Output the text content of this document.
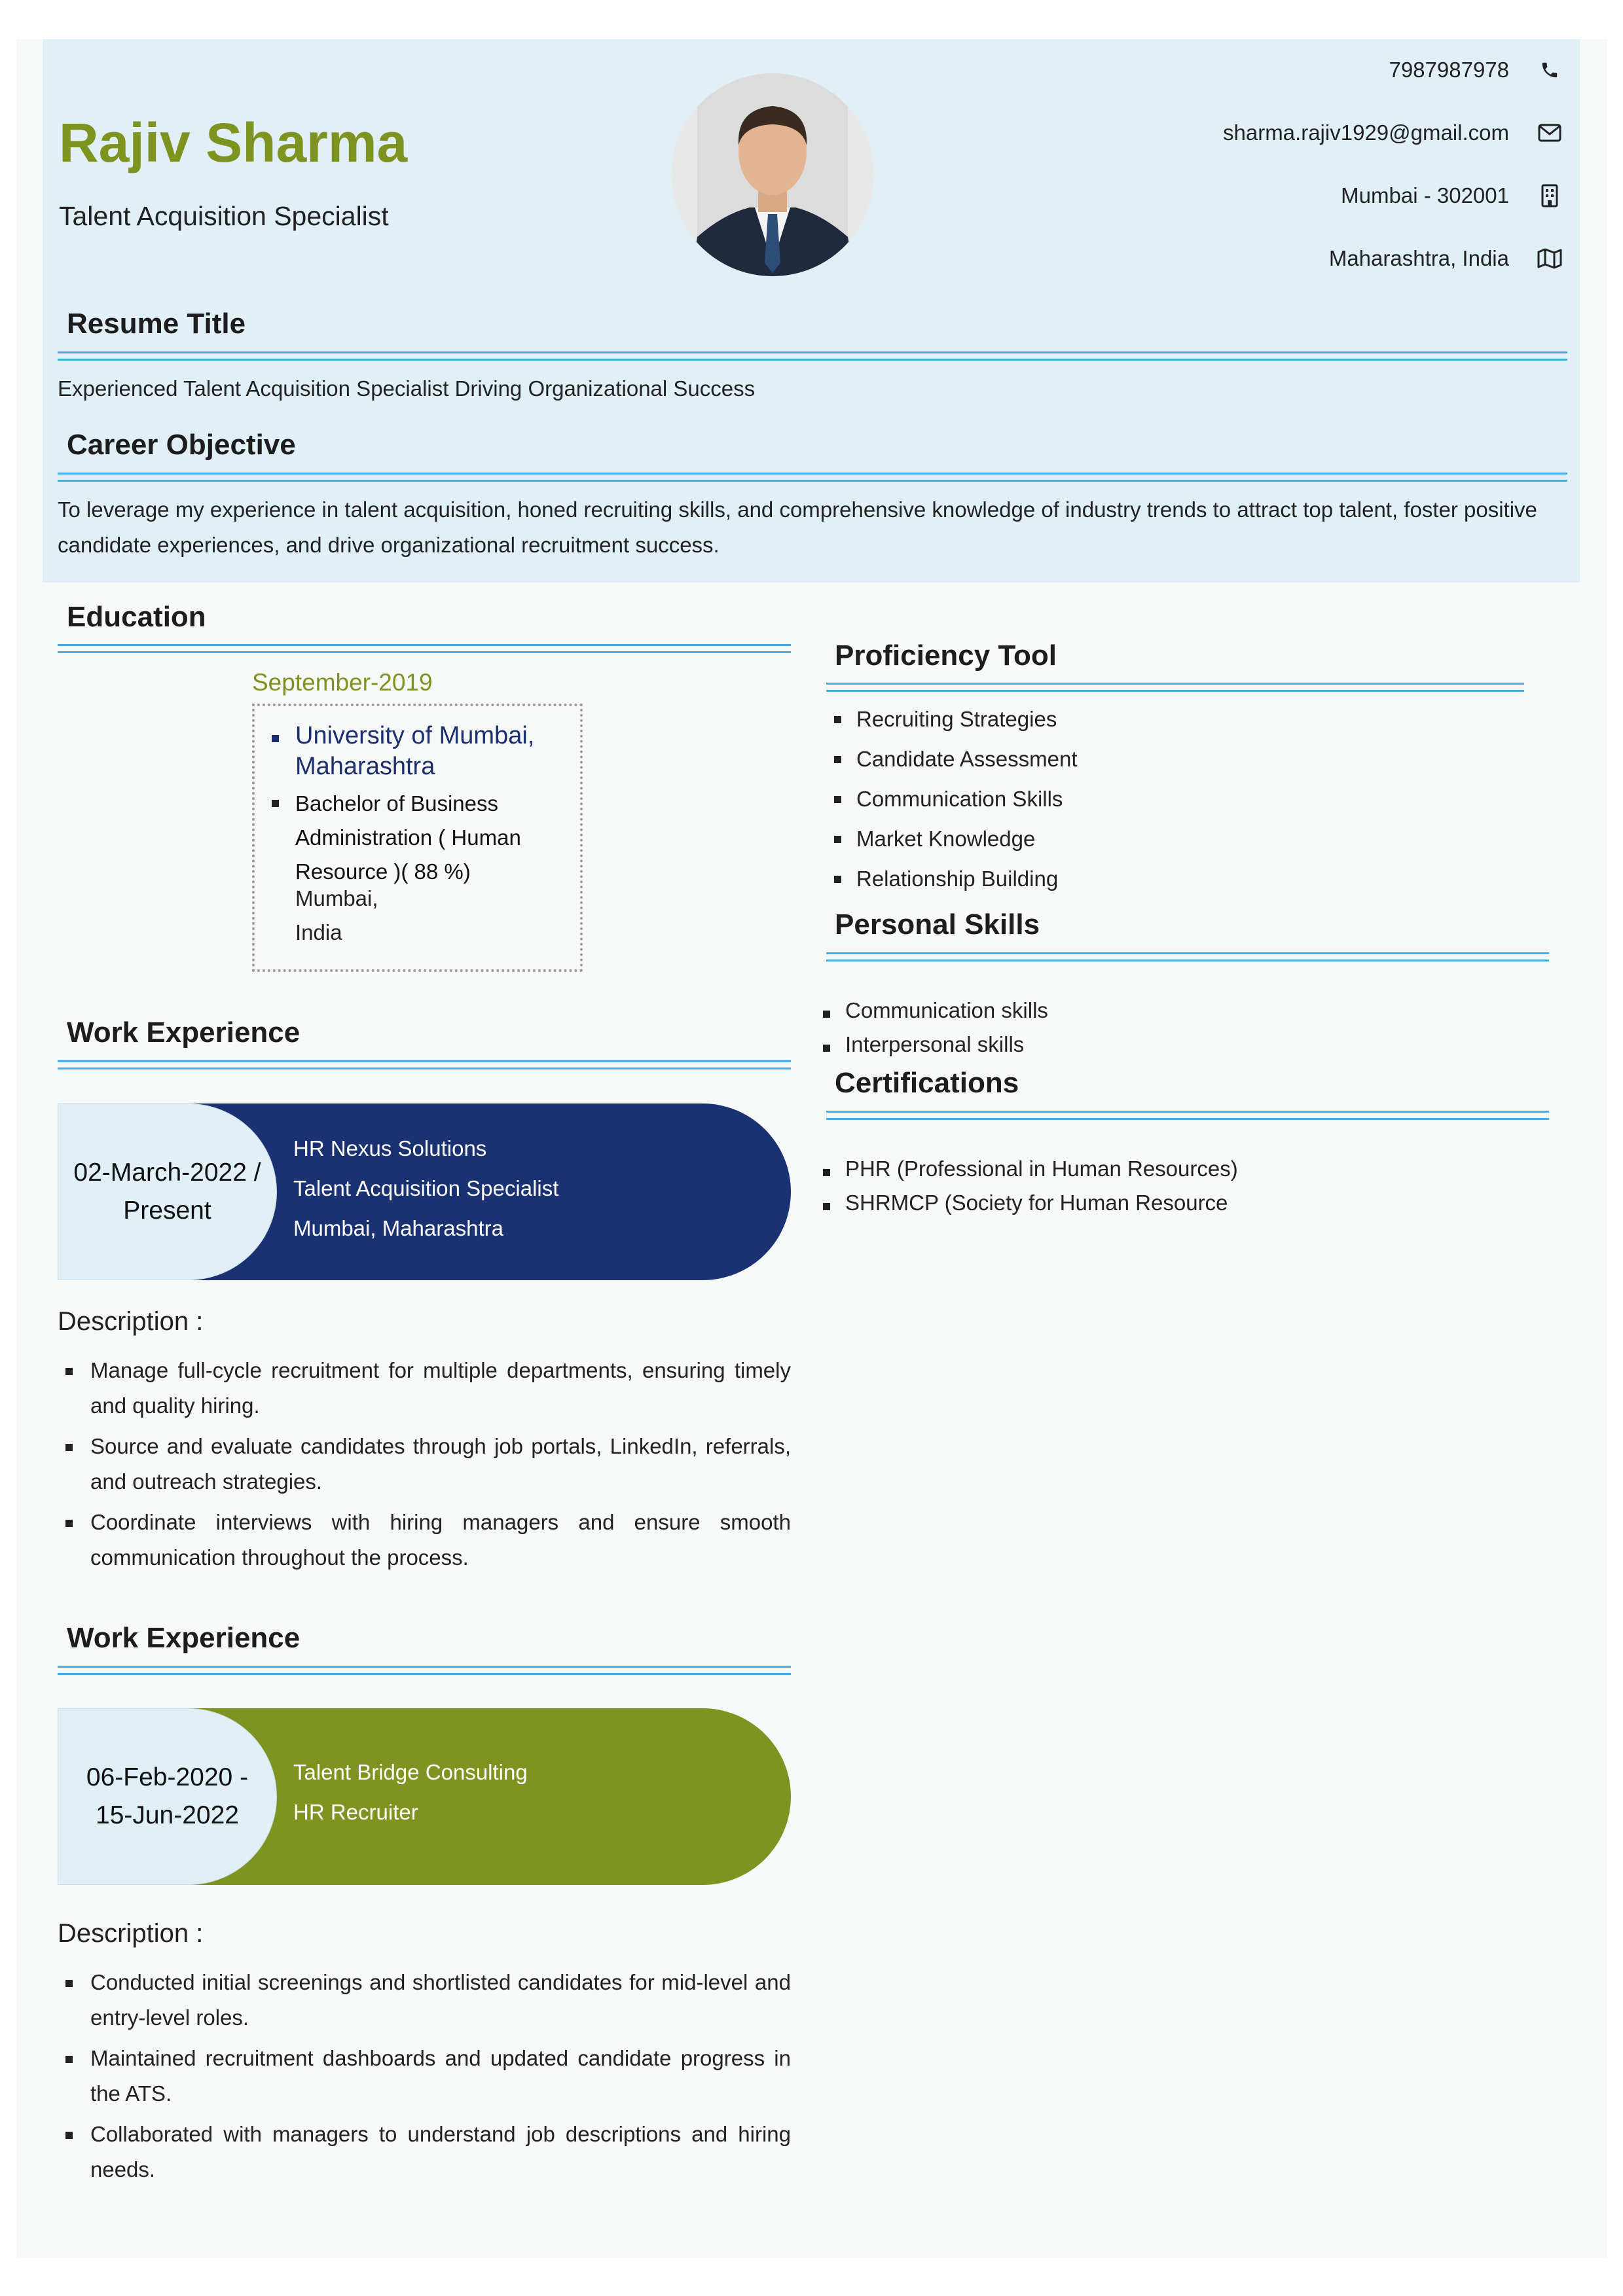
Rajiv Sharma
Talent Acquisition Specialist
7987987978
sharma.rajiv1929@gmail.com
Mumbai - 302001
Maharashtra, India
Resume Title
Experienced Talent Acquisition Specialist Driving Organizational Success
Career Objective
To leverage my experience in talent acquisition, honed recruiting skills, and comprehensive knowledge of industry trends to attract top talent, foster positive candidate experiences, and drive organizational recruitment success.
Education
September-2019
University of Mumbai, Maharashtra
Bachelor of Business Administration ( Human Resource )( 88 %)
Mumbai,
India
Work Experience
02-March-2022 /
Present
HR Nexus Solutions
Talent Acquisition Specialist
Mumbai, Maharashtra
Description :
Manage full-cycle recruitment for multiple departments, ensuring timely and quality hiring.
Source and evaluate candidates through job portals, LinkedIn, referrals, and outreach strategies.
Coordinate interviews with hiring managers and ensure smooth communication throughout the process.
Work Experience
06-Feb-2020 -
15-Jun-2022
Talent Bridge Consulting
HR Recruiter
Description :
Conducted initial screenings and shortlisted candidates for mid-level and entry-level roles.
Maintained recruitment dashboards and updated candidate progress in the ATS.
Collaborated with managers to understand job descriptions and hiring needs.
Proficiency Tool
Recruiting Strategies
Candidate Assessment
Communication Skills
Market Knowledge
Relationship Building
Personal Skills
Communication skills
Interpersonal skills
Certifications
PHR (Professional in Human Resources)
SHRMCP (Society for Human Resource
